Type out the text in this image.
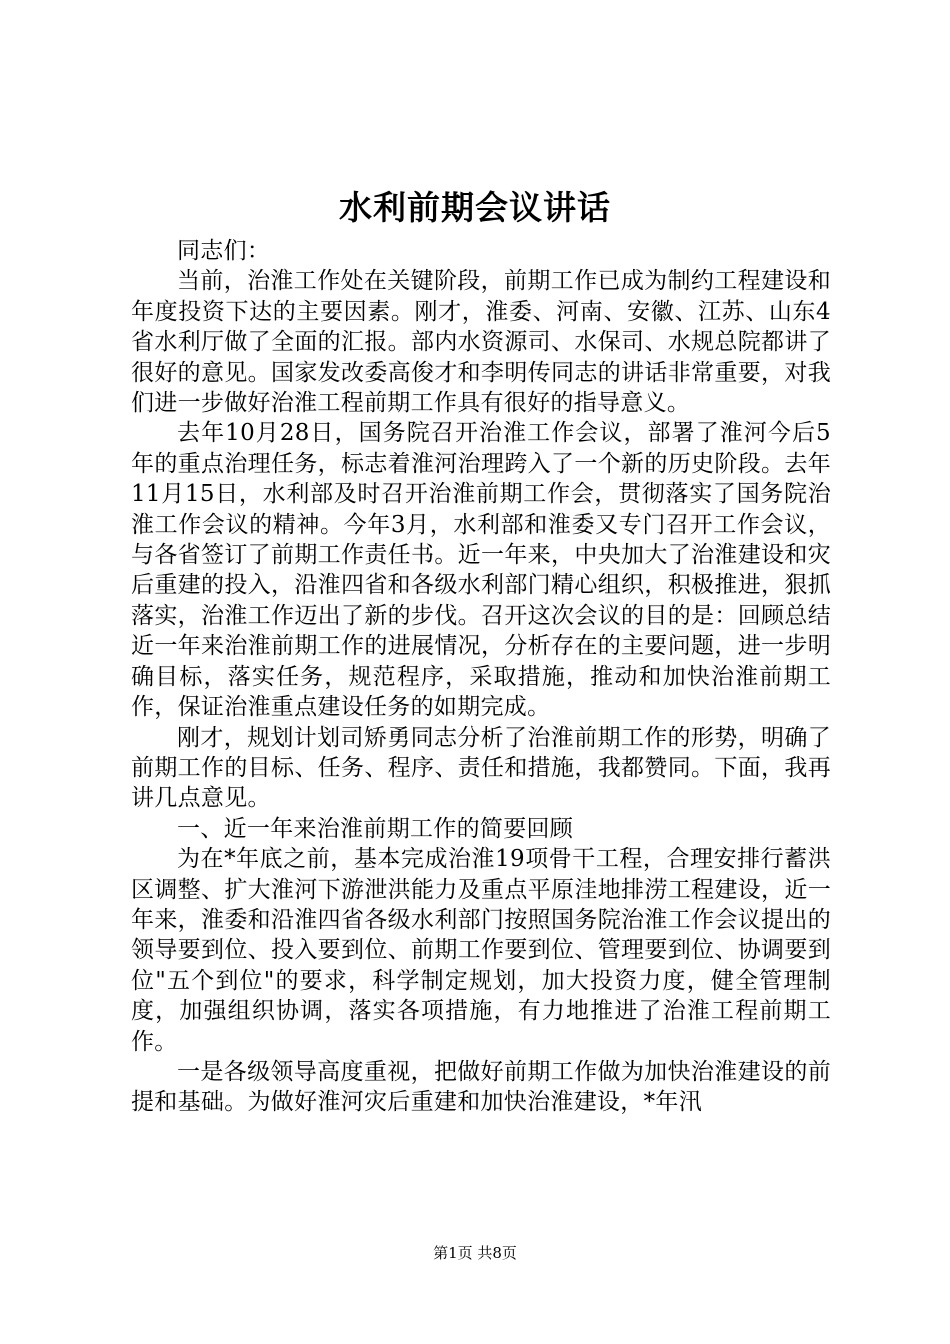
水利前期会议讲话

同志们：

当前，治淮工作处在关键阶段，前期工作已成为制约工程建设和年度投资下达的主要因素。刚才，淮委、河南、安徽、江苏、山东4省水利厅做了全面的汇报。部内水资源司、水保司、水规总院都讲了很好的意见。国家发改委高俊才和李明传同志的讲话非常重要，对我们进一步做好治淮工程前期工作具有很好的指导意义。

去年10月28日，国务院召开治淮工作会议，部署了淮河今后5年的重点治理任务，标志着淮河治理跨入了一个新的历史阶段。去年11月15日，水利部及时召开治淮前期工作会，贯彻落实了国务院治淮工作会议的精神。今年3月，水利部和淮委又专门召开工作会议，与各省签订了前期工作责任书。近一年来，中央加大了治淮建设和灾后重建的投入，沿淮四省和各级水利部门精心组织，积极推进，狠抓落实，治淮工作迈出了新的步伐。召开这次会议的目的是：回顾总结近一年来治淮前期工作的进展情况，分析存在的主要问题，进一步明确目标，落实任务，规范程序，采取措施，推动和加快治淮前期工作，保证治淮重点建设任务的如期完成。

刚才，规划计划司矫勇同志分析了治淮前期工作的形势，明确了前期工作的目标、任务、程序、责任和措施，我都赞同。下面，我再讲几点意见。

一、近一年来治淮前期工作的简要回顾

为在*年底之前，基本完成治淮19项骨干工程，合理安排行蓄洪区调整、扩大淮河下游泄洪能力及重点平原洼地排涝工程建设，近一年来，淮委和沿淮四省各级水利部门按照国务院治淮工作会议提出的领导要到位、投入要到位、前期工作要到位、管理要到位、协调要到位"五个到位"的要求，科学制定规划，加大投资力度，健全管理制度，加强组织协调，落实各项措施，有力地推进了治淮工程前期工作。

一是各级领导高度重视，把做好前期工作做为加快治淮建设的前提和基础。为做好淮河灾后重建和加快治淮建设，*年汛

第1页 共8页
